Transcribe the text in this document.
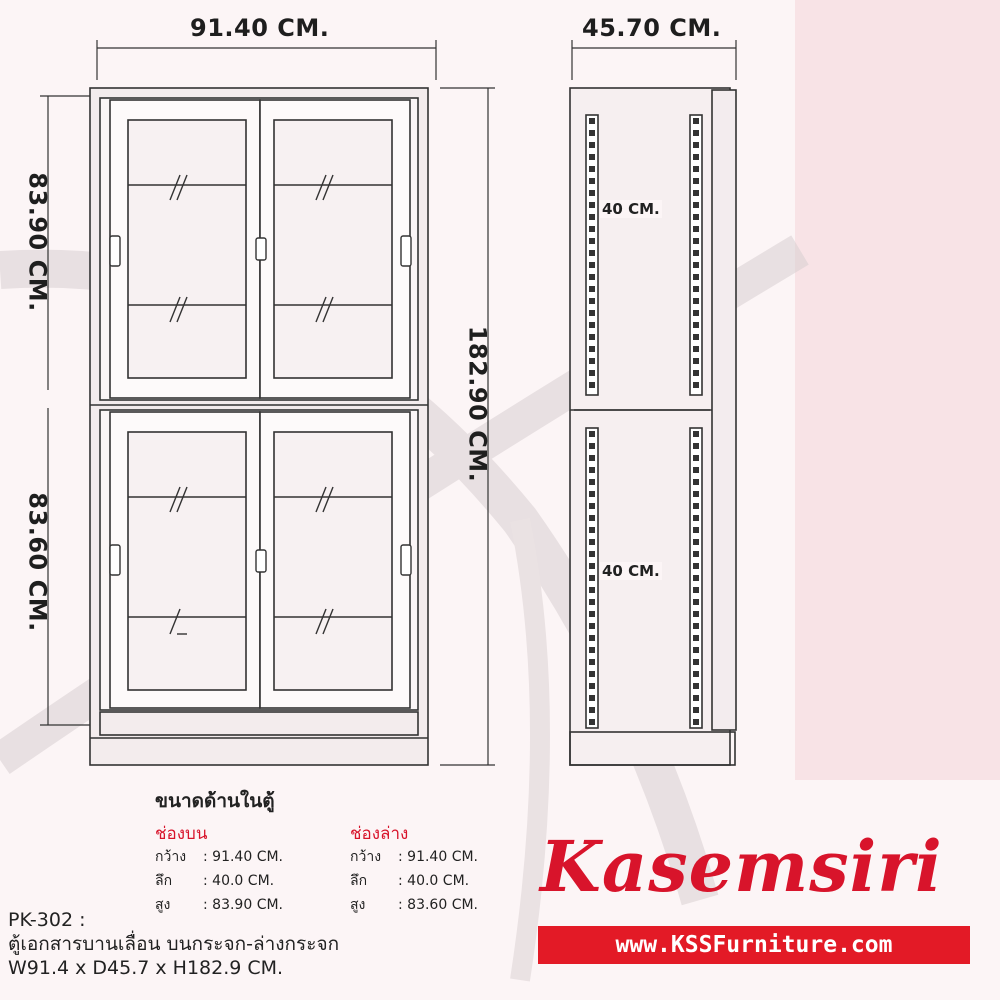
91.40 CM.
83.90 CM.
83.60 CM.
182.90 CM.
45.70 CM.
40 CM.
40 CM.
ขนาดด้านในตู้
ช่องบน
กว้าง : 91.40 CM.
ลึก : 40.0 CM.
สูง : 83.90 CM.
ช่องล่าง
กว้าง : 91.40 CM.
ลึก : 40.0 CM.
สูง : 83.60 CM.
PK-302 :
ตู้เอกสารบานเลื่อน บนกระจก-ล่างกระจก
W91.4 x D45.7 x H182.9 CM.
Kasemsiri
www.KSSFurniture.com
